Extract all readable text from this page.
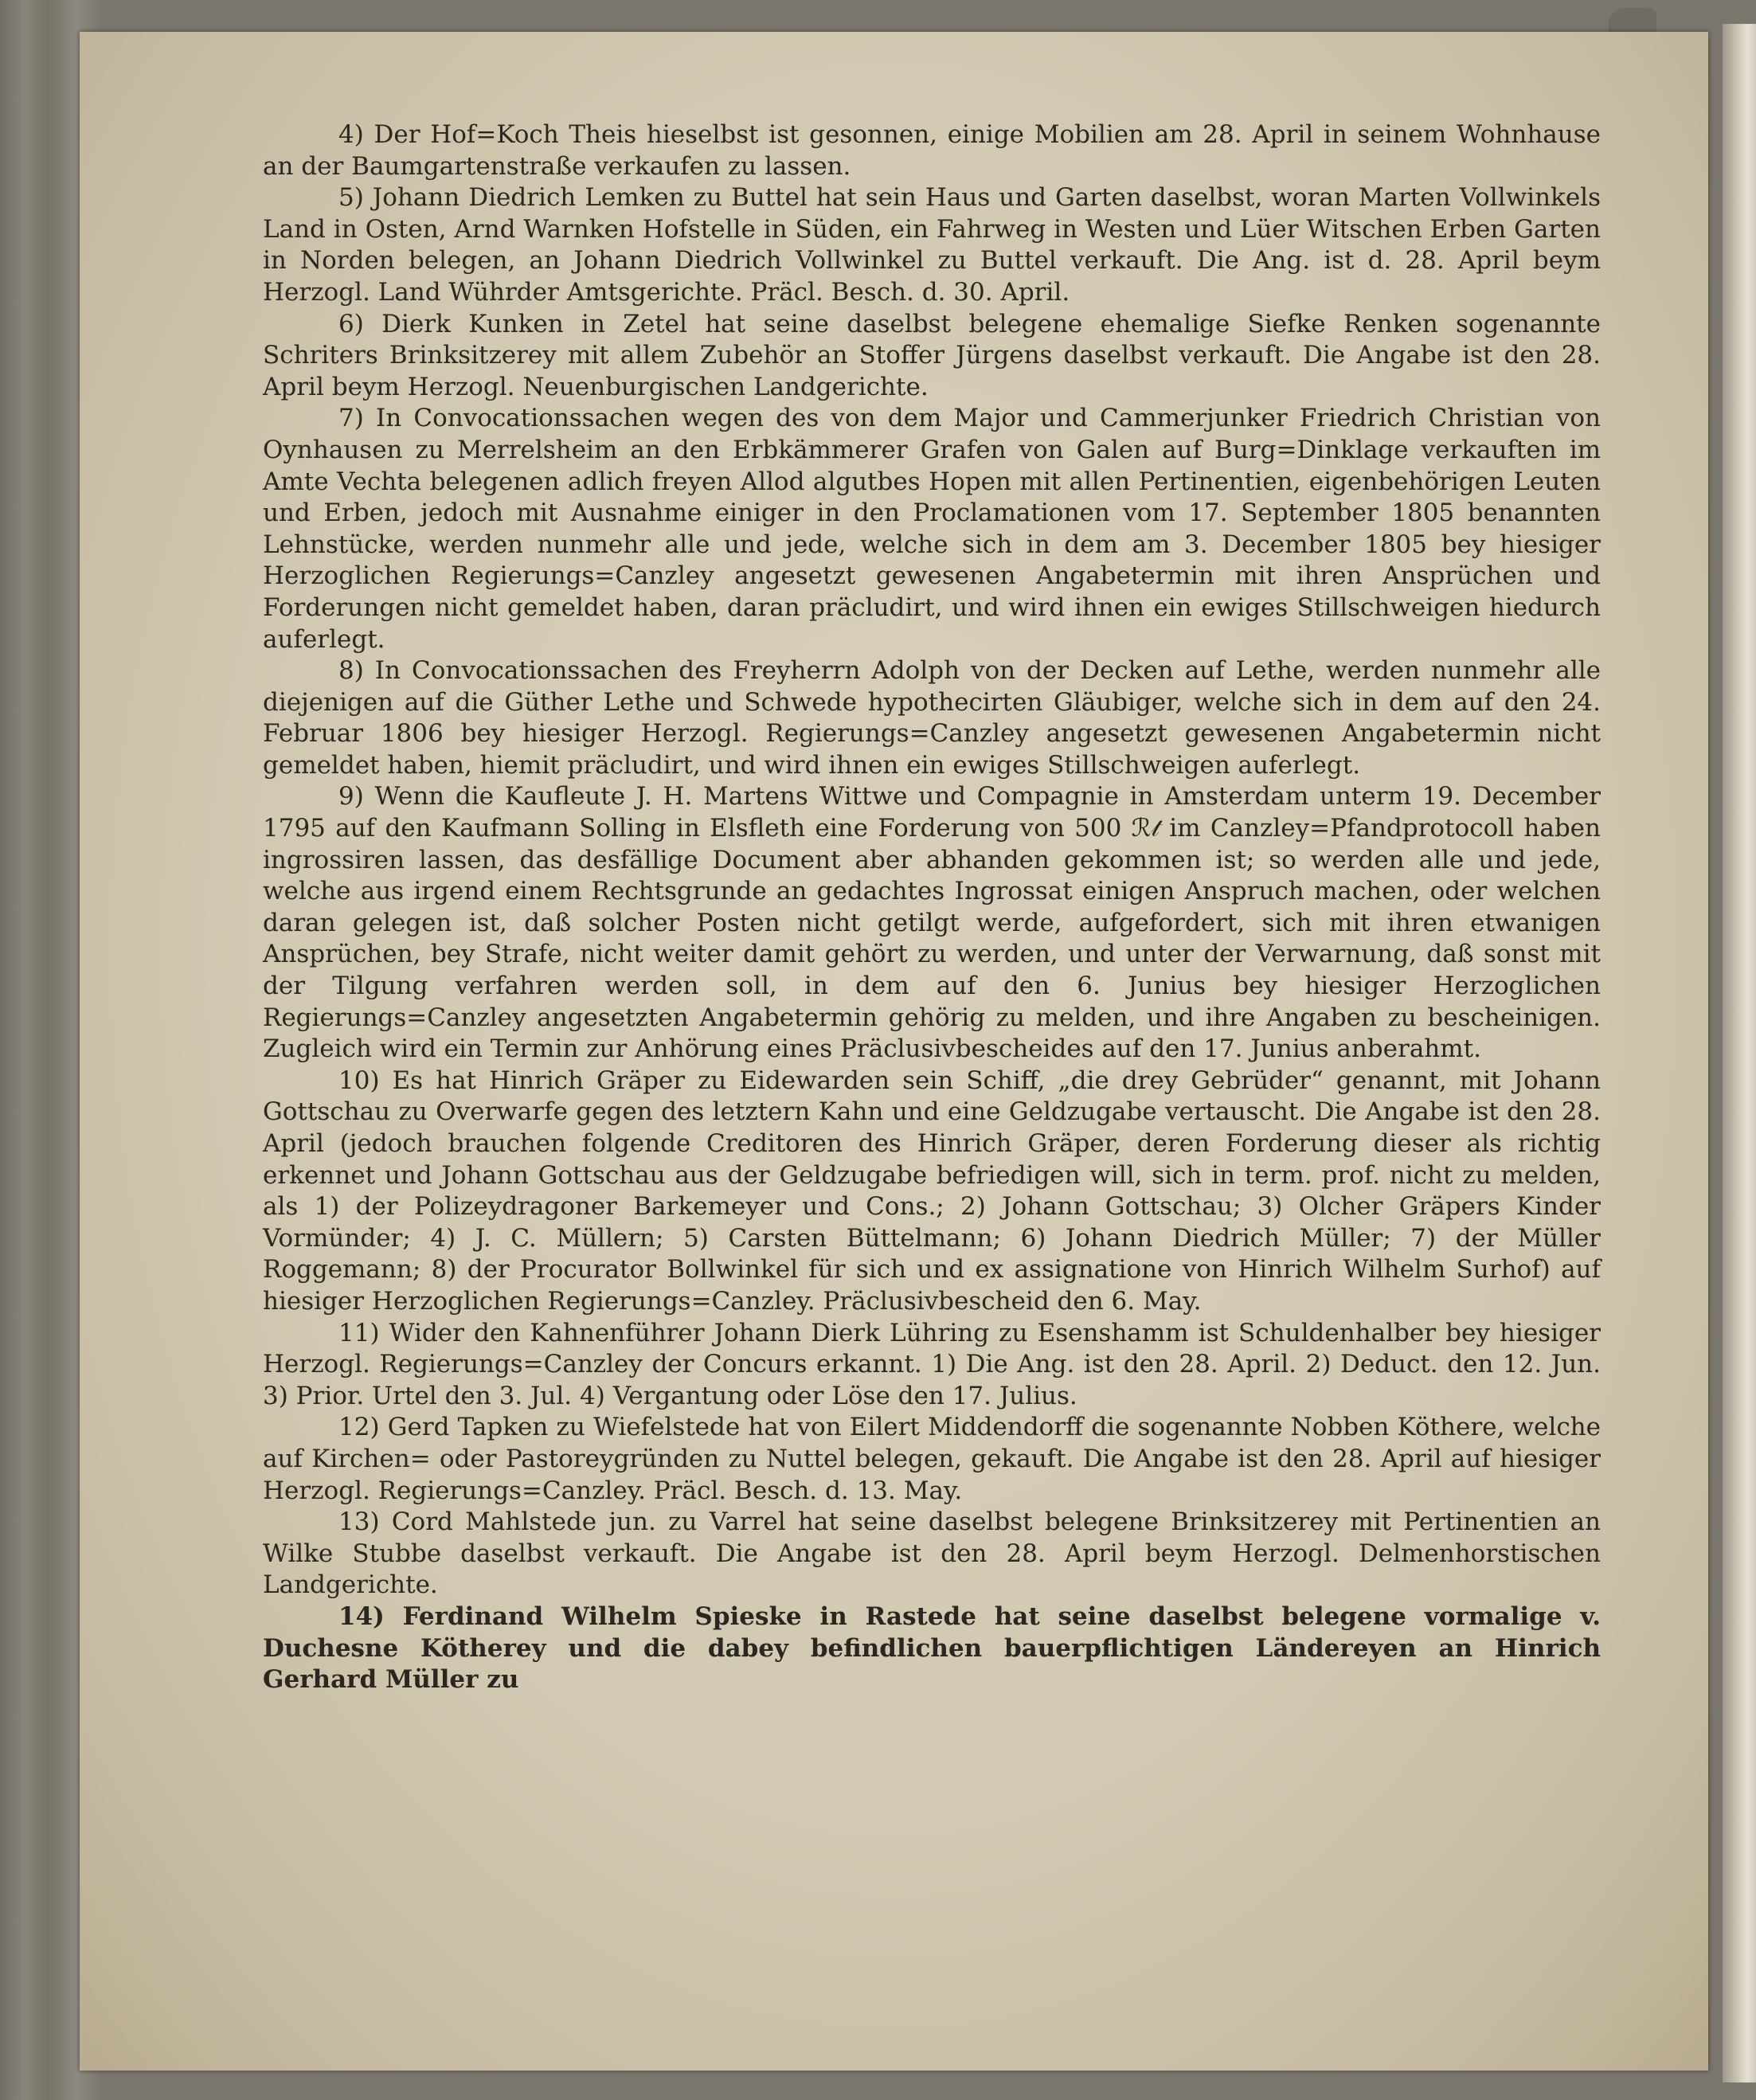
4) Der Hof=Koch Theis hieselbst ist gesonnen, einige Mobilien am 28. April in seinem Wohnhause an der Baumgartenstraße verkaufen zu lassen.

5) Johann Diedrich Lemken zu Buttel hat sein Haus und Garten daselbst, woran Marten Vollwinkels Land in Osten, Arnd Warnken Hofstelle in Süden, ein Fahrweg in Westen und Lüer Witschen Erben Garten in Norden belegen, an Johann Diedrich Vollwinkel zu Buttel verkauft. Die Ang. ist d. 28. April beym Herzogl. Land Wührder Amtsgerichte. Präcl. Besch. d. 30. April.

6) Dierk Kunken in Zetel hat seine daselbst belegene ehemalige Siefke Renken sogenannte Schriters Brinksitzerey mit allem Zubehör an Stoffer Jürgens daselbst verkauft. Die Angabe ist den 28. April beym Herzogl. Neuenburgischen Landgerichte.

7) In Convocationssachen wegen des von dem Major und Cammerjunker Friedrich Christian von Oynhausen zu Merrelsheim an den Erbkämmerer Grafen von Galen auf Burg=Dinklage verkauften im Amte Vechta belegenen adlich freyen Allod algutbes Hopen mit allen Pertinentien, eigenbehörigen Leuten und Erben, jedoch mit Ausnahme einiger in den Proclamationen vom 17. September 1805 benannten Lehnstücke, werden nunmehr alle und jede, welche sich in dem am 3. December 1805 bey hiesiger Herzoglichen Regierungs=Canzley angesetzt gewesenen Angabetermin mit ihren Ansprüchen und Forderungen nicht gemeldet haben, daran präcludirt, und wird ihnen ein ewiges Stillschweigen hiedurch auferlegt.

8) In Convocationssachen des Freyherrn Adolph von der Decken auf Lethe, werden nunmehr alle diejenigen auf die Güther Lethe und Schwede hypothecirten Gläubiger, welche sich in dem auf den 24. Februar 1806 bey hiesiger Herzogl. Regierungs=Canzley angesetzt gewesenen Angabetermin nicht gemeldet haben, hiemit präcludirt, und wird ihnen ein ewiges Stillschweigen auferlegt.

9) Wenn die Kaufleute J. H. Martens Wittwe und Compagnie in Amsterdam unterm 19. December 1795 auf den Kaufmann Solling in Elsfleth eine Forderung von 500 ℛ𝓉 im Canzley=Pfandprotocoll haben ingrossiren lassen, das desfällige Document aber abhanden gekommen ist; so werden alle und jede, welche aus irgend einem Rechtsgrunde an gedachtes Ingrossat einigen Anspruch machen, oder welchen daran gelegen ist, daß solcher Posten nicht getilgt werde, aufgefordert, sich mit ihren etwanigen Ansprüchen, bey Strafe, nicht weiter damit gehört zu werden, und unter der Verwarnung, daß sonst mit der Tilgung verfahren werden soll, in dem auf den 6. Junius bey hiesiger Herzoglichen Regierungs=Canzley angesetzten Angabetermin gehörig zu melden, und ihre Angaben zu bescheinigen. Zugleich wird ein Termin zur Anhörung eines Präclusivbescheides auf den 17. Junius anberahmt.

10) Es hat Hinrich Gräper zu Eidewarden sein Schiff, „die drey Gebrüder“ genannt, mit Johann Gottschau zu Overwarfe gegen des letztern Kahn und eine Geldzugabe vertauscht. Die Angabe ist den 28. April (jedoch brauchen folgende Creditoren des Hinrich Gräper, deren Forderung dieser als richtig erkennet und Johann Gottschau aus der Geldzugabe befriedigen will, sich in term. prof. nicht zu melden, als 1) der Polizeydragoner Barkemeyer und Cons.; 2) Johann Gottschau; 3) Olcher Gräpers Kinder Vormünder; 4) J. C. Müllern; 5) Carsten Büttelmann; 6) Johann Diedrich Müller; 7) der Müller Roggemann; 8) der Procurator Bollwinkel für sich und ex assignatione von Hinrich Wilhelm Surhof) auf hiesiger Herzoglichen Regierungs=Canzley. Präclusivbescheid den 6. May.

11) Wider den Kahnenführer Johann Dierk Lühring zu Esenshamm ist Schuldenhalber bey hiesiger Herzogl. Regierungs=Canzley der Concurs erkannt. 1) Die Ang. ist den 28. April. 2) Deduct. den 12. Jun. 3) Prior. Urtel den 3. Jul. 4) Vergantung oder Löse den 17. Julius.

12) Gerd Tapken zu Wiefelstede hat von Eilert Middendorff die sogenannte Nobben Köthere, welche auf Kirchen= oder Pastoreygründen zu Nuttel belegen, gekauft. Die Angabe ist den 28. April auf hiesiger Herzogl. Regierungs=Canzley. Präcl. Besch. d. 13. May.

13) Cord Mahlstede jun. zu Varrel hat seine daselbst belegene Brinksitzerey mit Pertinentien an Wilke Stubbe daselbst verkauft. Die Angabe ist den 28. April beym Herzogl. Delmenhorstischen Landgerichte.

14) Ferdinand Wilhelm Spieske in Rastede hat seine daselbst belegene vormalige v. Duchesne Kötherey und die dabey befindlichen bauerpflichtigen Ländereyen an Hinrich Gerhard Müller zu
